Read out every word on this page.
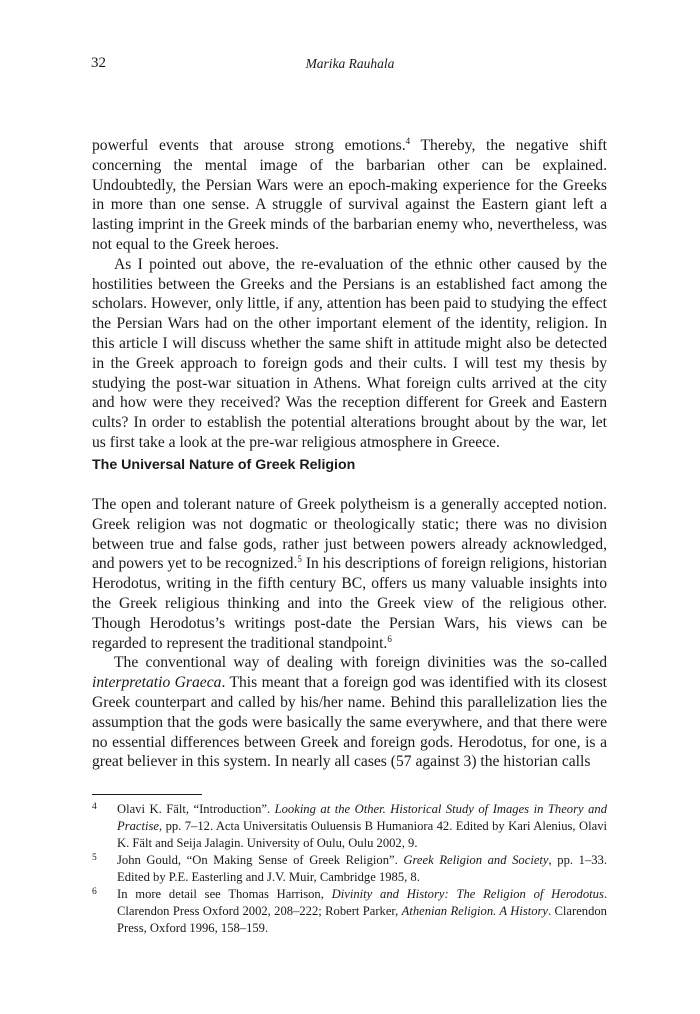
32	Marika Rauhala

powerful events that arouse strong emotions.$^4$ Thereby, the negative shift concerning the mental image of the barbarian other can be explained. Undoubtedly, the Persian Wars were an epoch-making experience for the Greeks in more than one sense. A struggle of survival against the Eastern giant left a lasting imprint in the Greek minds of the barbarian enemy who, nevertheless, was not equal to the Greek heroes.

As I pointed out above, the re-evaluation of the ethnic other caused by the hostilities between the Greeks and the Persians is an established fact among the scholars. However, only little, if any, attention has been paid to studying the effect the Persian Wars had on the other important element of the identity, religion. In this article I will discuss whether the same shift in attitude might also be detected in the Greek approach to foreign gods and their cults. I will test my thesis by studying the post-war situation in Athens. What foreign cults arrived at the city and how were they received? Was the reception different for Greek and Eastern cults? In order to establish the potential alterations brought about by the war, let us first take a look at the pre-war religious atmosphere in Greece.

The Universal Nature of Greek Religion

The open and tolerant nature of Greek polytheism is a generally accepted notion. Greek religion was not dogmatic or theologically static; there was no division between true and false gods, rather just between powers already acknowledged, and powers yet to be recognized.$^5$ In his descriptions of foreign religions, historian Herodotus, writing in the fifth century BC, offers us many valuable insights into the Greek religious thinking and into the Greek view of the religious other. Though Herodotus’s writings post-date the Persian Wars, his views can be regarded to represent the traditional standpoint.$^6$

The conventional way of dealing with foreign divinities was the so-called interpretatio Graeca. This meant that a foreign god was identified with its closest Greek counterpart and called by his/her name. Behind this parallelization lies the assumption that the gods were basically the same everywhere, and that there were no essential differences between Greek and foreign gods. Herodotus, for one, is a great believer in this system. In nearly all cases (57 against 3) the historian calls

4 Olavi K. Fält, “Introduction”. Looking at the Other. Historical Study of Images in Theory and Practise, pp. 7–12. Acta Universitatis Ouluensis B Humaniora 42. Edited by Kari Alenius, Olavi K. Fält and Seija Jalagin. University of Oulu, Oulu 2002, 9.
5 John Gould, “On Making Sense of Greek Religion”. Greek Religion and Society, pp. 1–33. Edited by P.E. Easterling and J.V. Muir, Cambridge 1985, 8.
6 In more detail see Thomas Harrison, Divinity and History: The Religion of Herodotus. Clarendon Press Oxford 2002, 208–222; Robert Parker, Athenian Religion. A History. Clarendon Press, Oxford 1996, 158–159.
